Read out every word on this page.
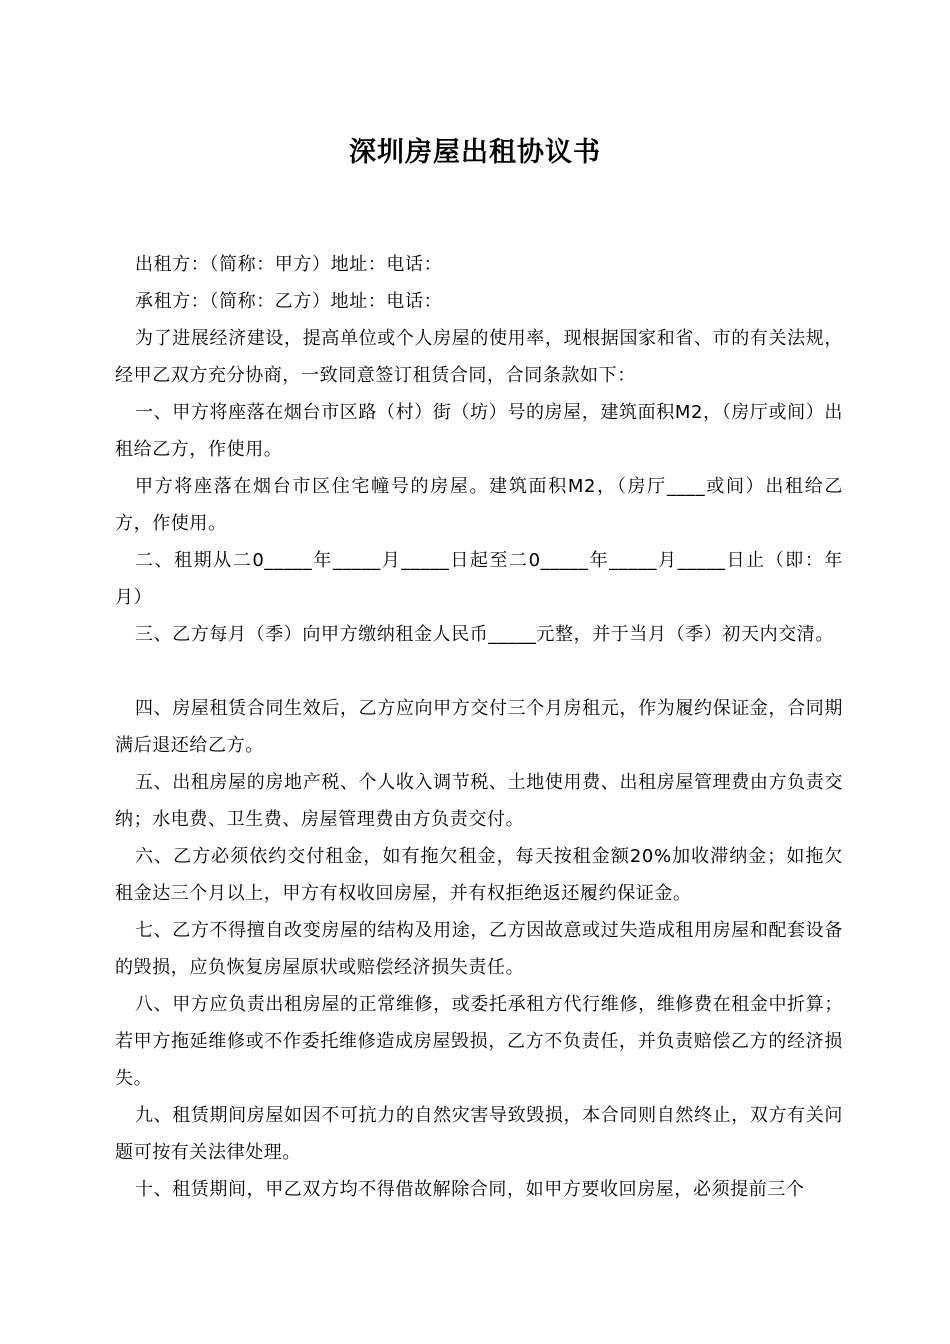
深圳房屋出租协议书

出租方：（简称：甲方）地址：电话：

承租方：（简称：乙方）地址：电话：

为了进展经济建设，提高单位或个人房屋的使用率，现根据国家和省、市的有关法规，经甲乙双方充分协商，一致同意签订租赁合同，合同条款如下：

一、甲方将座落在烟台市区路（村）街（坊）号的房屋，建筑面积M2，（房厅或间）出租给乙方，作使用。

甲方将座落在烟台市区住宅幢号的房屋。建筑面积M2，（房厅____或间）出租给乙方，作使用。

二、租期从二0_____年_____月_____日起至二0_____年_____月_____日止（即：年月）

三、乙方每月（季）向甲方缴纳租金人民币_____元整，并于当月（季）初天内交清。

四、房屋租赁合同生效后，乙方应向甲方交付三个月房租元，作为履约保证金，合同期满后退还给乙方。

五、出租房屋的房地产税、个人收入调节税、土地使用费、出租房屋管理费由方负责交纳；水电费、卫生费、房屋管理费由方负责交付。

六、乙方必须依约交付租金，如有拖欠租金，每天按租金额20%加收滞纳金；如拖欠租金达三个月以上，甲方有权收回房屋，并有权拒绝返还履约保证金。

七、乙方不得擅自改变房屋的结构及用途，乙方因故意或过失造成租用房屋和配套设备的毁损，应负恢复房屋原状或赔偿经济损失责任。

八、甲方应负责出租房屋的正常维修，或委托承租方代行维修，维修费在租金中折算；若甲方拖延维修或不作委托维修造成房屋毁损，乙方不负责任，并负责赔偿乙方的经济损失。

九、租赁期间房屋如因不可抗力的自然灾害导致毁损，本合同则自然终止，双方有关问题可按有关法律处理。

十、租赁期间，甲乙双方均不得借故解除合同，如甲方要收回房屋，必须提前三个
